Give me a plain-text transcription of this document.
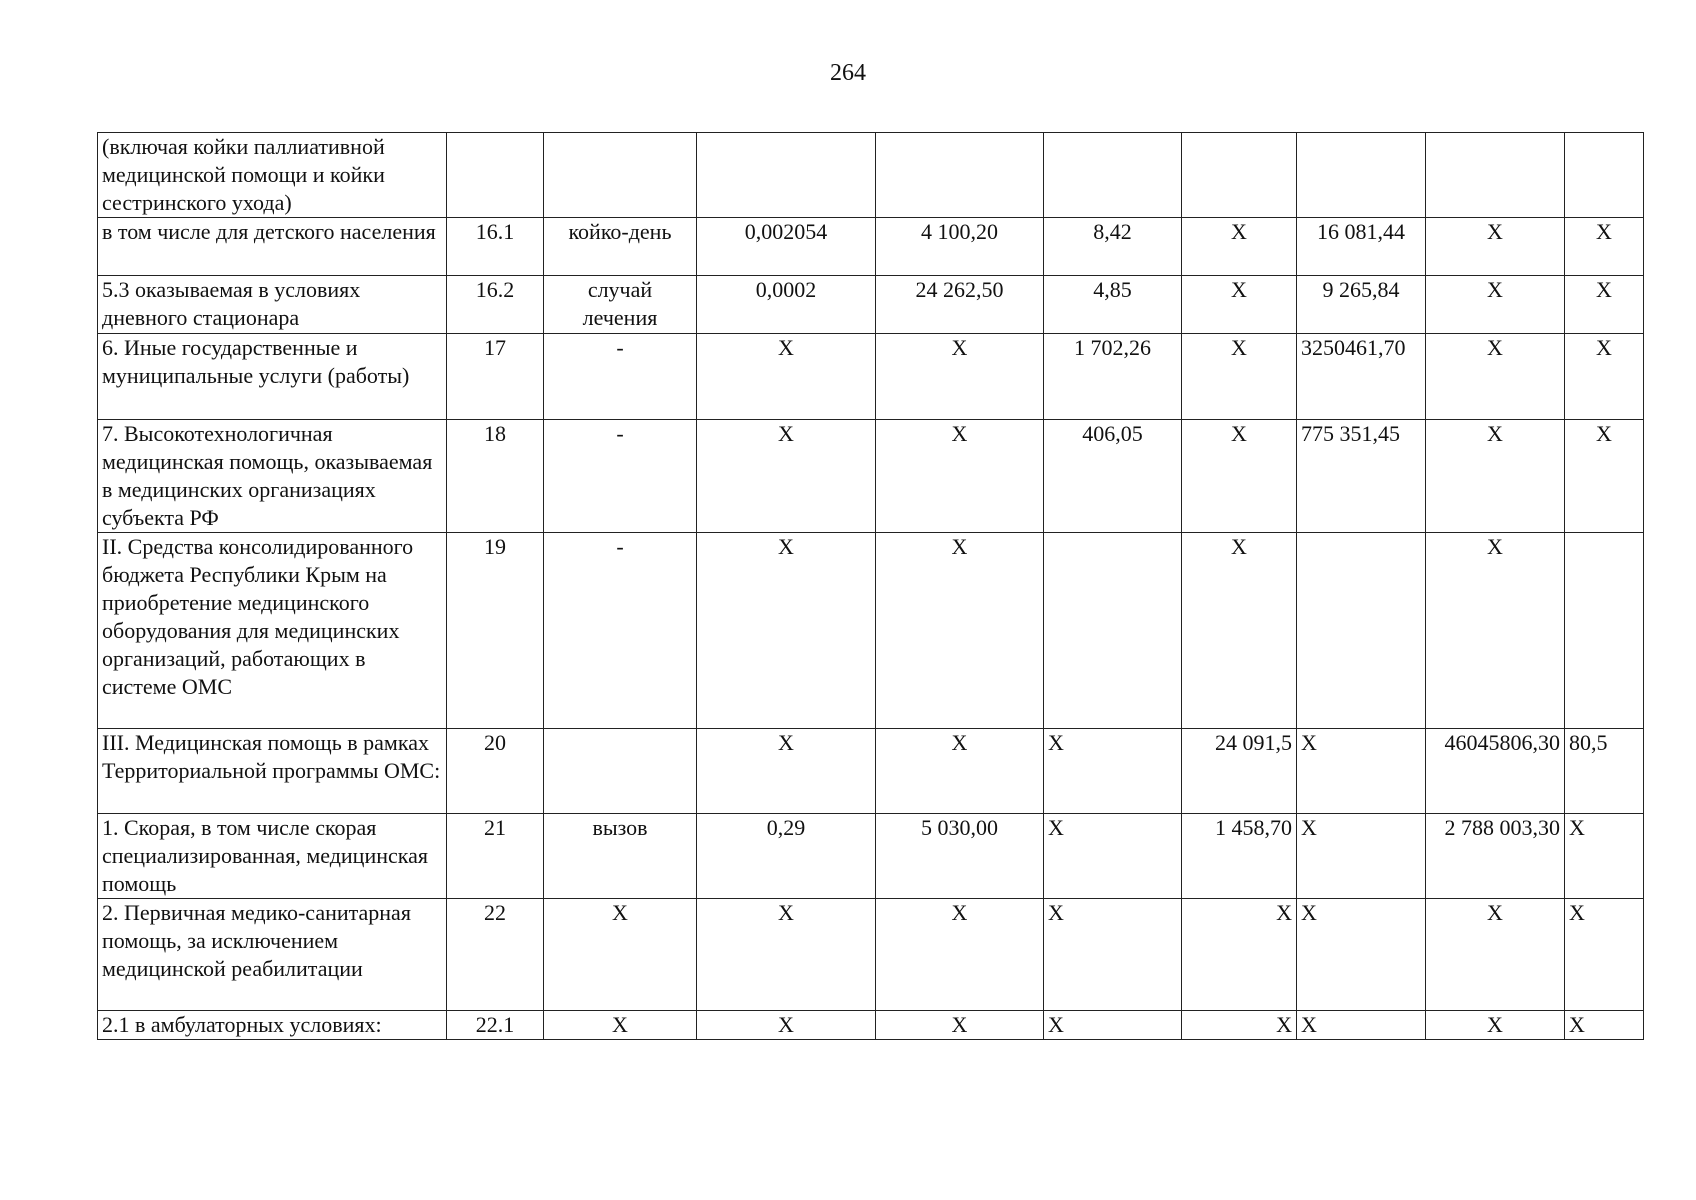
264
(включая койки паллиативной медицинской помощи и койки сестринского ухода)									
в том числе для детского населения	16.1	койко-день	0,002054	4 100,20	8,42	X	16 081,44	X	X
5.3 оказываемая в условиях дневного стационара	16.2	случай лечения	0,0002	24 262,50	4,85	X	9 265,84	X	X
6. Иные государственные и муниципальные услуги (работы)	17	-	X	X	1 702,26	X	3250461,70	X	X
7. Высокотехнологичная медицинская помощь, оказываемая в медицинских организациях субъекта РФ	18	-	X	X	406,05	X	775 351,45	X	X
II. Средства консолидированного бюджета Республики Крым на приобретение медицинского оборудования для медицинских организаций, работающих в системе ОМС	19	-	X	X		X		X	
III. Медицинская помощь в рамках Территориальной программы ОМС:	20		X	X	X	24 091,5	X	46045806,30	80,5
1. Скорая, в том числе скорая специализированная, медицинская помощь	21	вызов	0,29	5 030,00	X	1 458,70	X	2 788 003,30	X
2. Первичная медико-санитарная помощь, за исключением медицинской реабилитации	22	X	X	X	X	X	X	X	X
2.1 в амбулаторных условиях:	22.1	X	X	X	X	X	X	X	X
